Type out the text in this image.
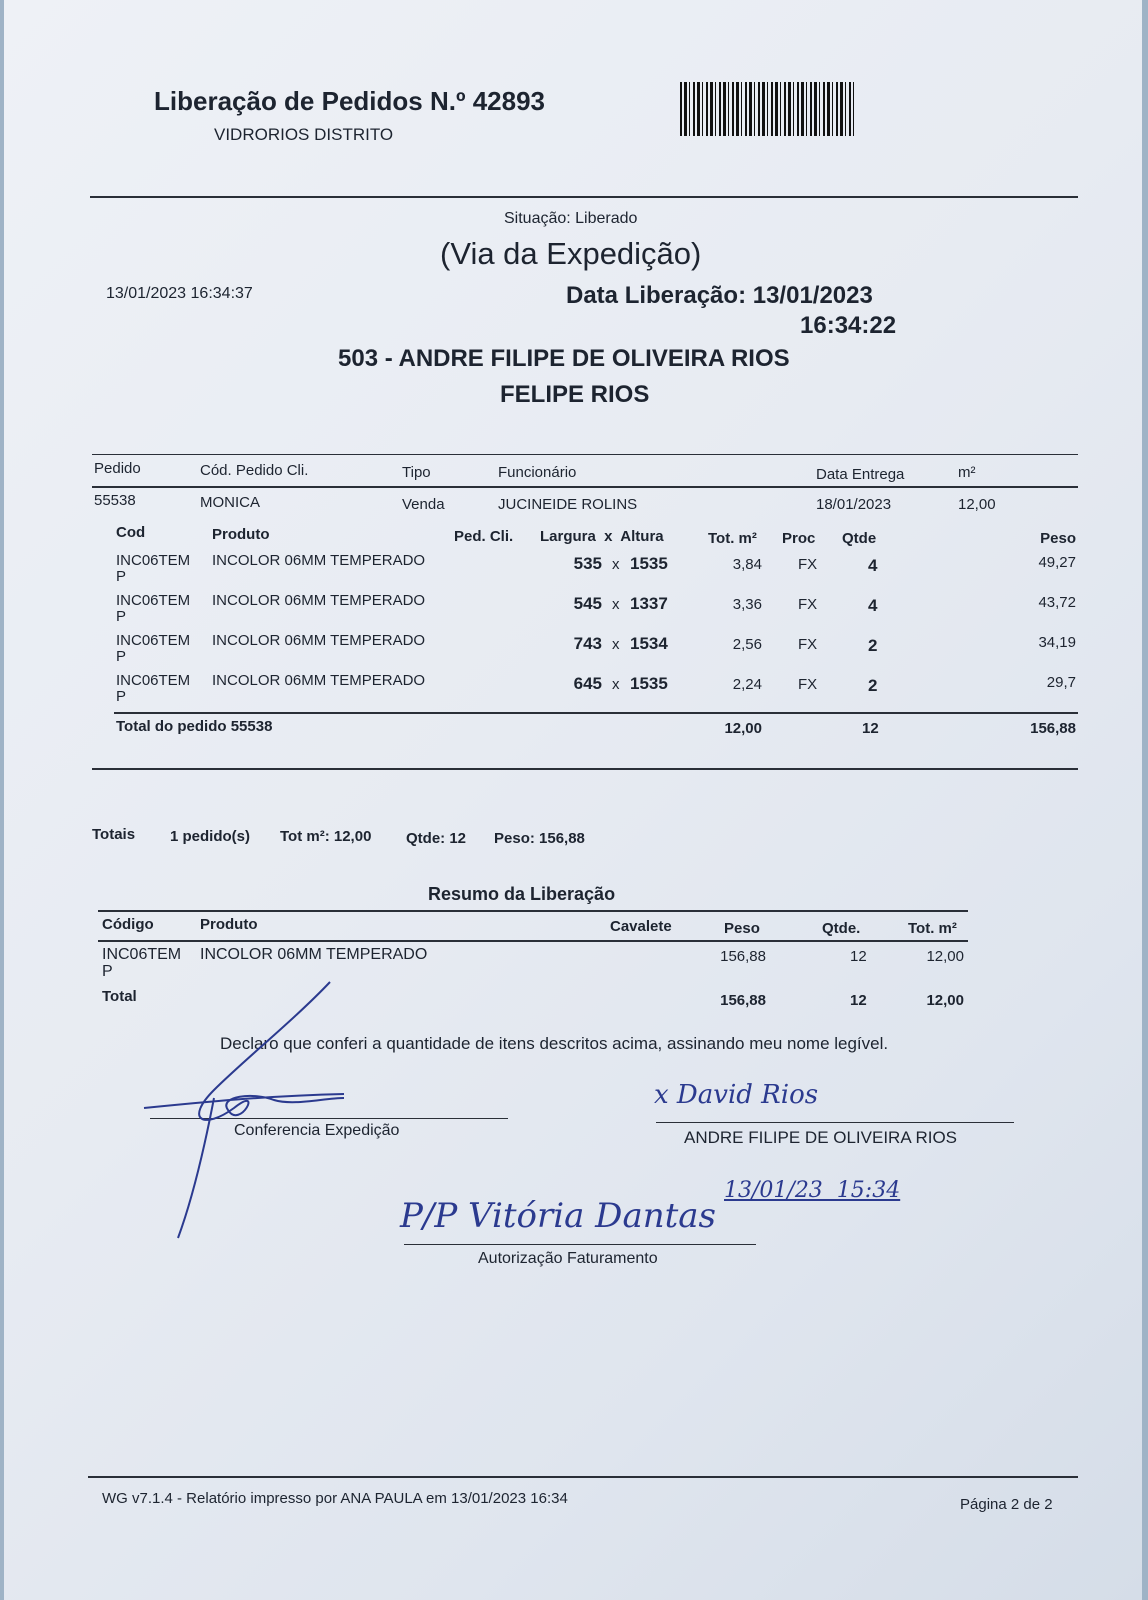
Liberação de Pedidos N.º 42893
VIDRORIOS DISTRITO
Situação: Liberado
(Via da Expedição)
13/01/2023 16:34:37	Data Liberação: 13/01/2023
16:34:22
503 - ANDRE FILIPE DE OLIVEIRA RIOS
FELIPE RIOS
Pedido	Cód. Pedido Cli.	Tipo	Funcionário	Data Entrega	m²
55538	MONICA	Venda	JUCINEIDE ROLINS	18/01/2023	12,00
Cod	Produto	Ped. Cli. Largura  x  Altura	Tot. m² Proc Qtde	Peso
INC06TEM
P
INCOLOR 06MM TEMPERADO	535 x 1535	3,84 FX	4	49,27
INC06TEM
P
INCOLOR 06MM TEMPERADO	545 x 1337	3,36 FX	4	43,72
INC06TEM
P
INCOLOR 06MM TEMPERADO	743 x 1534	2,56 FX	2	34,19
INC06TEM
P
INCOLOR 06MM TEMPERADO	645 x 1535	2,24 FX	2	29,7
Total do pedido 55538	12,00	12	156,88
Totais 1 pedido(s) Tot m²: 12,00 Qtde: 12 Peso: 156,88
Resumo da Liberação
Código	Produto	Cavalete	Peso	Qtde.	Tot. m²
INC06TEM
P
INCOLOR 06MM TEMPERADO	156,88	12	12,00
Total	156,88	12	12,00
Declaro que conferi a quantidade de itens descritos acima, assinando meu nome legível.
Conferencia Expedição	ANDRE FILIPE DE OLIVEIRA RIOS
Autorização Faturamento
x David Rios
13/01/23  15:34
P/P Vitória Dantas
WG v7.1.4 - Relatório impresso por ANA PAULA em 13/01/2023 16:34	Página 2 de 2
